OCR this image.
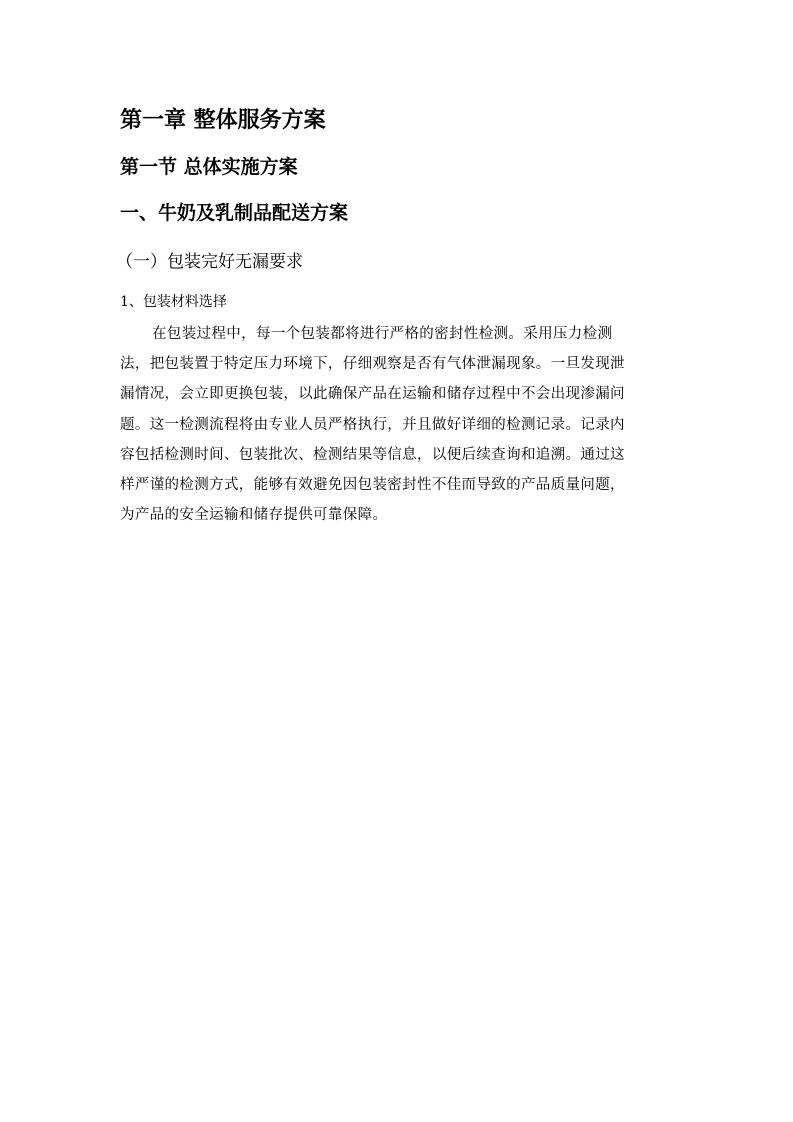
第一章 整体服务方案
第一节 总体实施方案
一、牛奶及乳制品配送方案
（一）包装完好无漏要求
1、包装材料选择
在包装过程中，每一个包装都将进行严格的密封性检测。采用压力检测
法，把包装置于特定压力环境下，仔细观察是否有气体泄漏现象。一旦发现泄
漏情况，会立即更换包装，以此确保产品在运输和储存过程中不会出现渗漏问
题。这一检测流程将由专业人员严格执行，并且做好详细的检测记录。记录内
容包括检测时间、包装批次、检测结果等信息，以便后续查询和追溯。通过这
样严谨的检测方式，能够有效避免因包装密封性不佳而导致的产品质量问题，
为产品的安全运输和储存提供可靠保障。
